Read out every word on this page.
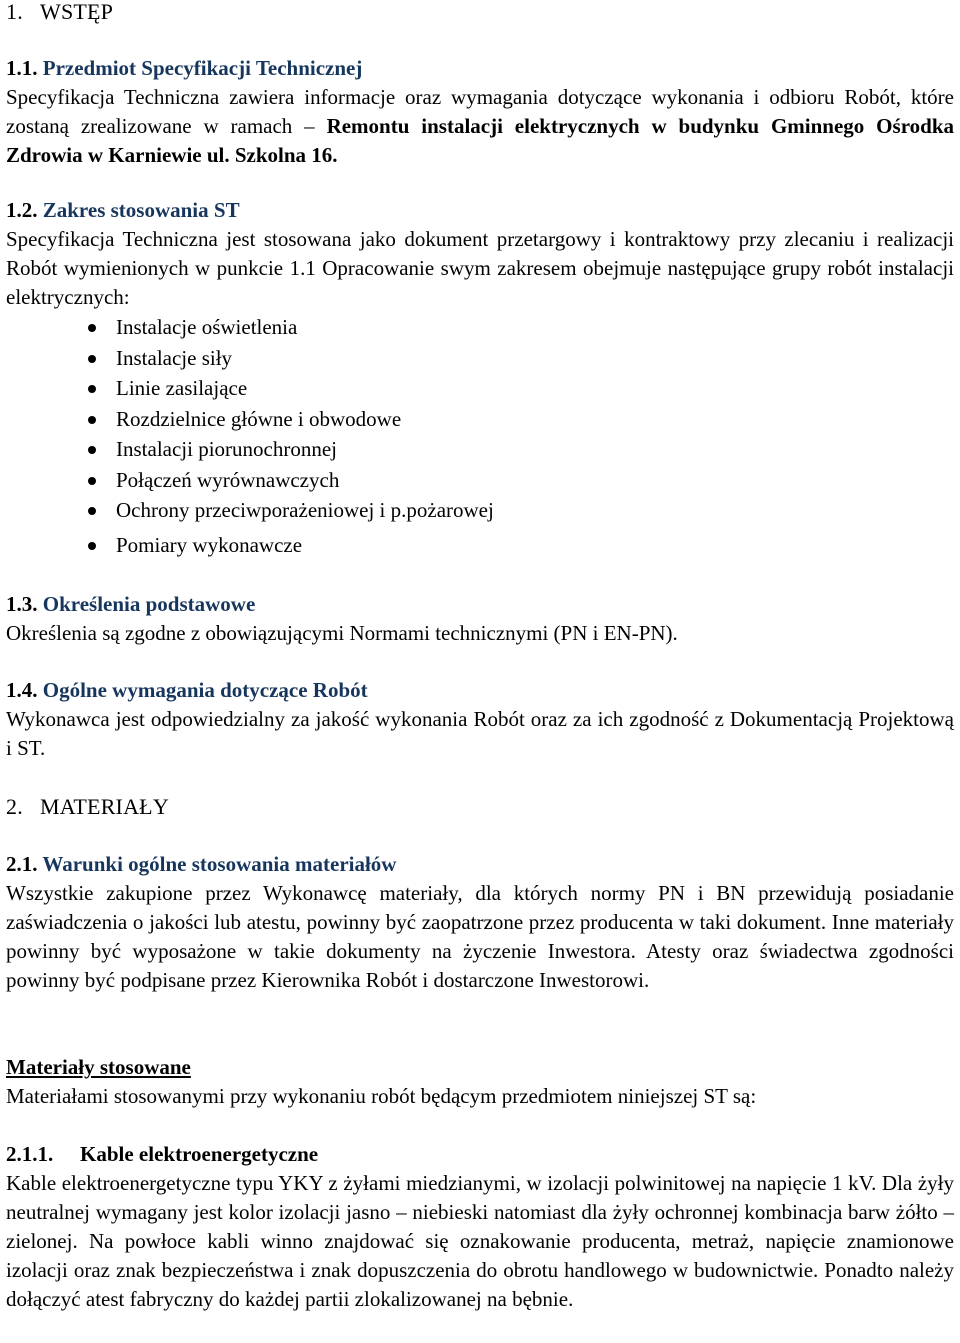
1. WSTĘP
1.1. Przedmiot Specyfikacji Technicznej
Specyfikacja Techniczna zawiera informacje oraz wymagania dotyczące wykonania i odbioru Robót, które zostaną zrealizowane w ramach – Remontu instalacji elektrycznych w budynku Gminnego Ośrodka Zdrowia w Karniewie ul. Szkolna 16.
1.2. Zakres stosowania ST
Specyfikacja Techniczna jest stosowana jako dokument przetargowy i kontraktowy przy zlecaniu i realizacji Robót wymienionych w punkcie 1.1 Opracowanie swym zakresem obejmuje następujące grupy robót instalacji elektrycznych:
Instalacje oświetlenia
Instalacje siły
Linie zasilające
Rozdzielnice główne i obwodowe
Instalacji piorunochronnej
Połączeń wyrównawczych
Ochrony przeciwporażeniowej i p.pożarowej
Pomiary wykonawcze
1.3. Określenia podstawowe
Określenia są zgodne z obowiązującymi Normami technicznymi (PN i EN-PN).
1.4. Ogólne wymagania dotyczące Robót
Wykonawca jest odpowiedzialny za jakość wykonania Robót oraz za ich zgodność z Dokumentacją Projektową i ST.
2. MATERIAŁY
2.1. Warunki ogólne stosowania materiałów
Wszystkie zakupione przez Wykonawcę materiały, dla których normy PN i BN przewidują posiadanie zaświadczenia o jakości lub atestu, powinny być zaopatrzone przez producenta w taki dokument. Inne materiały powinny być wyposażone w takie dokumenty na życzenie Inwestora. Atesty oraz świadectwa zgodności powinny być podpisane przez Kierownika Robót i dostarczone Inwestorowi.
Materiały stosowane
Materiałami stosowanymi przy wykonaniu robót będącym przedmiotem niniejszej ST są:
2.1.1. Kable elektroenergetyczne
Kable elektroenergetyczne typu YKY z żyłami miedzianymi, w izolacji polwinitowej na napięcie 1 kV. Dla żyły neutralnej wymagany jest kolor izolacji jasno – niebieski natomiast dla żyły ochronnej kombinacja barw żółto – zielonej. Na powłoce kabli winno znajdować się oznakowanie producenta, metraż, napięcie znamionowe izolacji oraz znak bezpieczeństwa i znak dopuszczenia do obrotu handlowego w budownictwie. Ponadto należy dołączyć atest fabryczny do każdej partii zlokalizowanej na bębnie.
